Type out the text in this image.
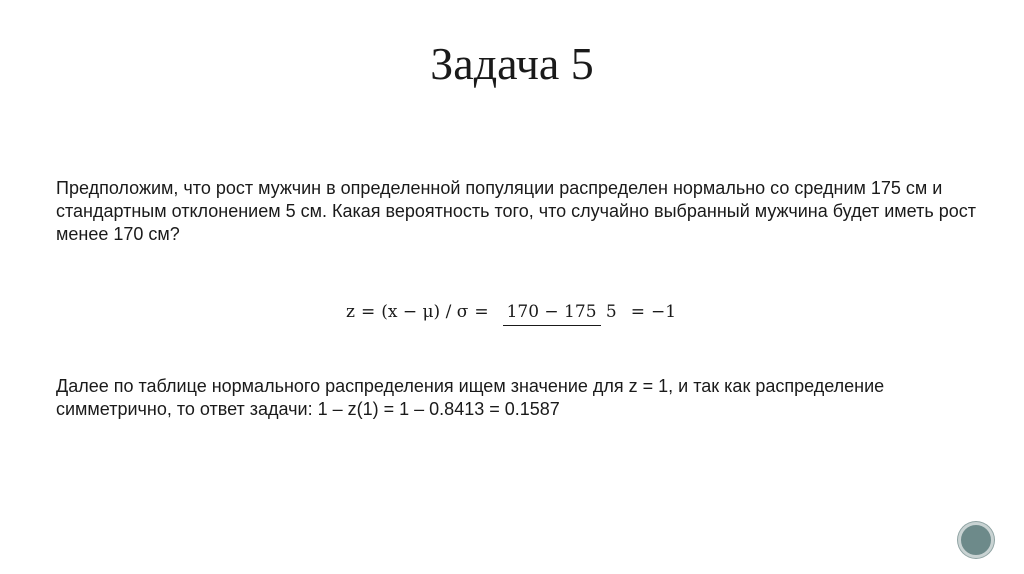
Задача 5

Предположим, что рост мужчин в определенной популяции распределен нормально со средним 175 см и стандартным отклонением 5 см. Какая вероятность того, что случайно выбранный мужчина будет иметь рост менее 170 см?

z = (x − μ) / σ = 170 − 175 5 = −1

Далее по таблице нормального распределения ищем значение для z = 1, и так как распределение симметрично, то ответ задачи: 1 – z(1) = 1 – 0.8413 = 0.1587
